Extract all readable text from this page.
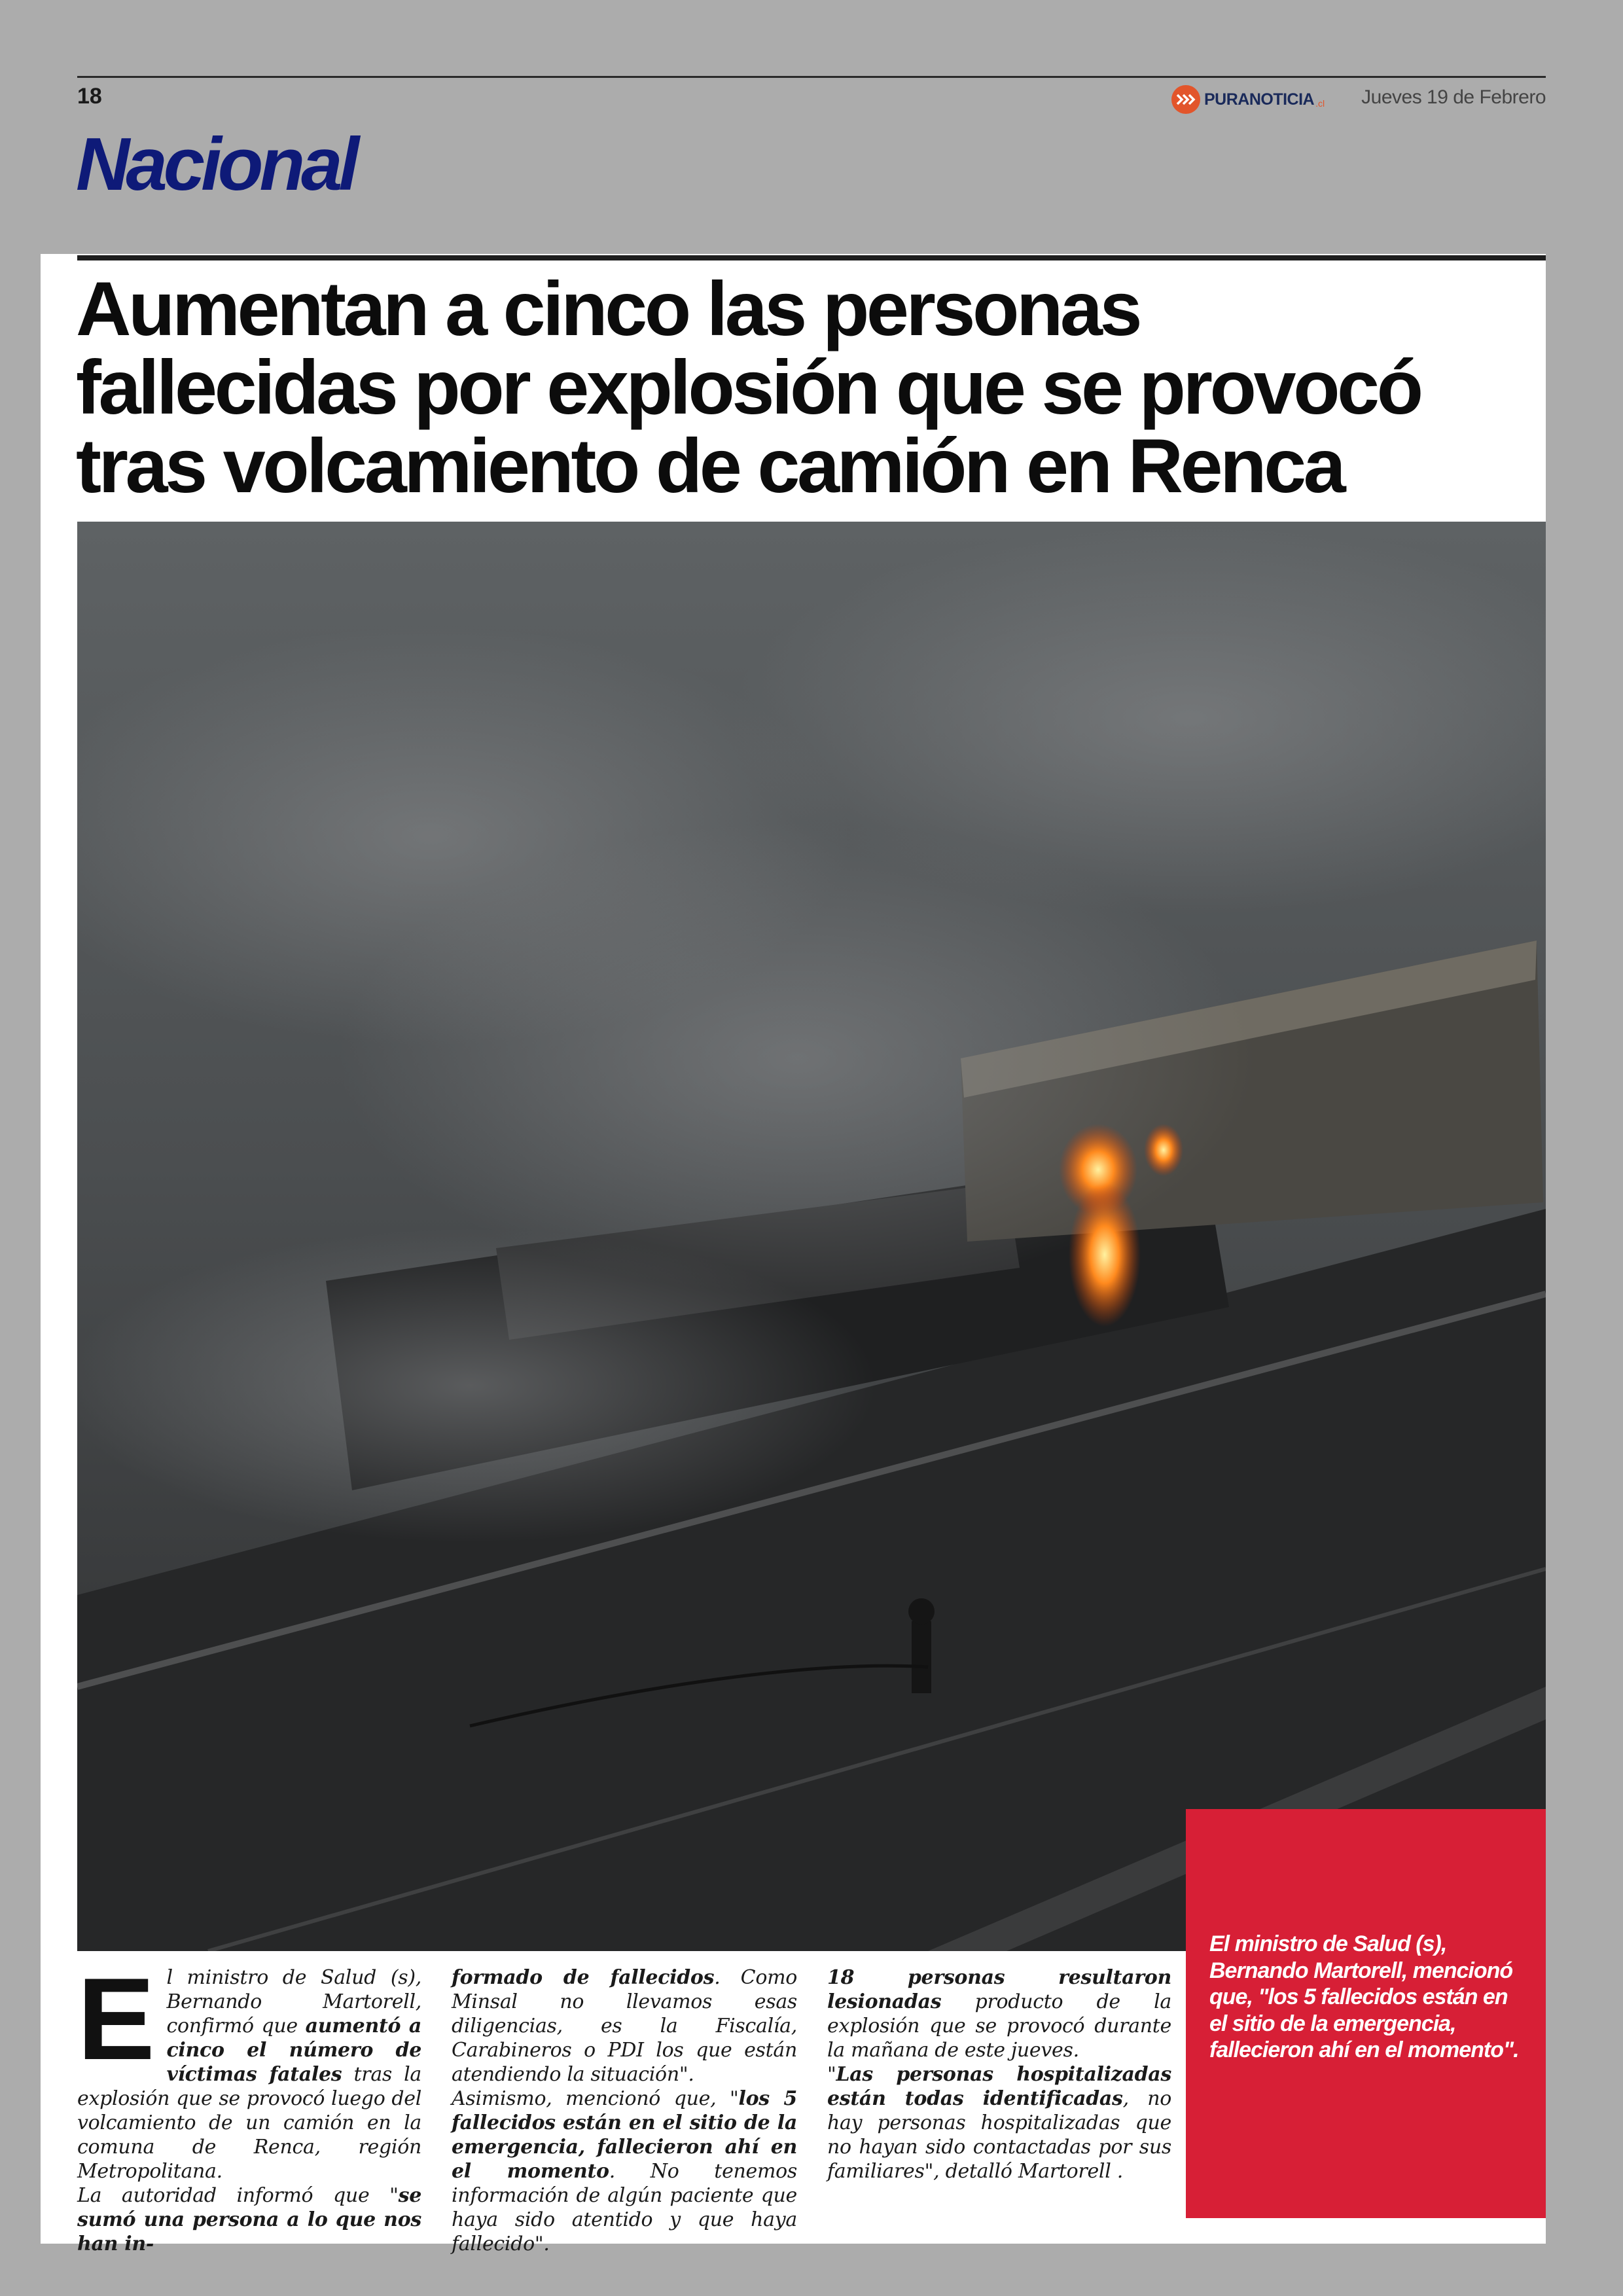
18	PURANOTICIA .cl Jueves 19 de Febrero
Nacional
Aumentan a cinco las personas
fallecidas por explosión que se provocó
tras volcamiento de camión en Renca

El ministro de Salud (s), Bernando Martorell, mencionó que, "los 5 fallecidos están en el sitio de la emergencia, fallecieron ahí en el momento".

El ministro de Salud (s), Bernando Martorell, confirmó que aumentó a cinco el número de víctimas fatales tras la explosión que se provocó luego del volcamiento de un camión en la comuna de Renca, región Metropolitana.

La autoridad informó que "se sumó una persona a lo que nos han in-

formado de fallecidos. Como Minsal no llevamos esas diligencias, es la Fiscalía, Carabineros o PDI los que están atendiendo la situación".

Asimismo, mencionó que, "los 5 fallecidos están en el sitio de la emergencia, fallecieron ahí en el momento. No tenemos información de algún paciente que haya sido atentido y que haya fallecido".

18 personas resultaron lesionadas producto de la explosión que se provocó durante la mañana de este jueves.

"Las personas hospitalizadas están todas identificadas, no hay personas hospitalizadas que no hayan sido contactadas por sus familiares", detalló Martorell .
